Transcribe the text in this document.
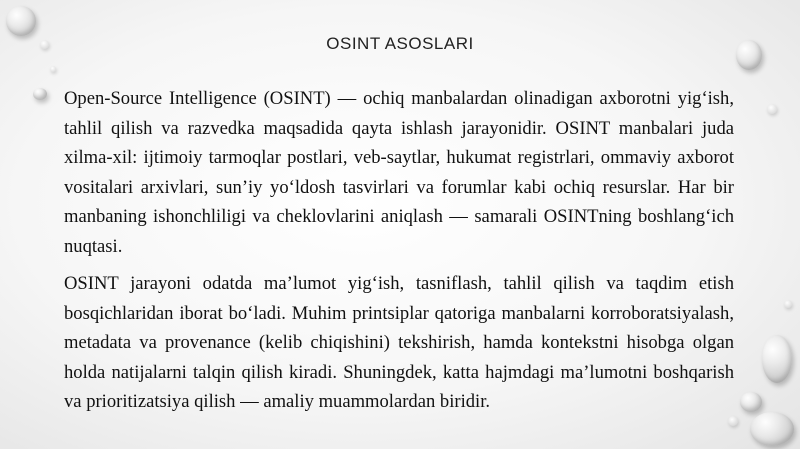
OSINT ASOSLARI

Open-Source Intelligence (OSINT) — ochiq manbalardan olinadigan axborotni yig‘ish, tahlil qilish va razvedka maqsadida qayta ishlash jarayonidir. OSINT manbalari juda xilma-xil: ijtimoiy tarmoqlar postlari, veb-saytlar, hukumat registrlari, ommaviy axborot vositalari arxivlari, sun’iy yo‘ldosh tasvirlari va forumlar kabi ochiq resurslar. Har bir manbaning ishonchliligi va cheklovlarini aniqlash — samarali OSINTning boshlang‘ich nuqtasi.

OSINT jarayoni odatda ma’lumot yig‘ish, tasniflash, tahlil qilish va taqdim etish bosqichlaridan iborat bo‘ladi. Muhim printsiplar qatoriga manbalarni korroboratsiyalash, metadata va provenance (kelib chiqishini) tekshirish, hamda kontekstni hisobga olgan holda natijalarni talqin qilish kiradi. Shuningdek, katta hajmdagi ma’lumotni boshqarish va prioritizatsiya qilish — amaliy muammolardan biridir.
